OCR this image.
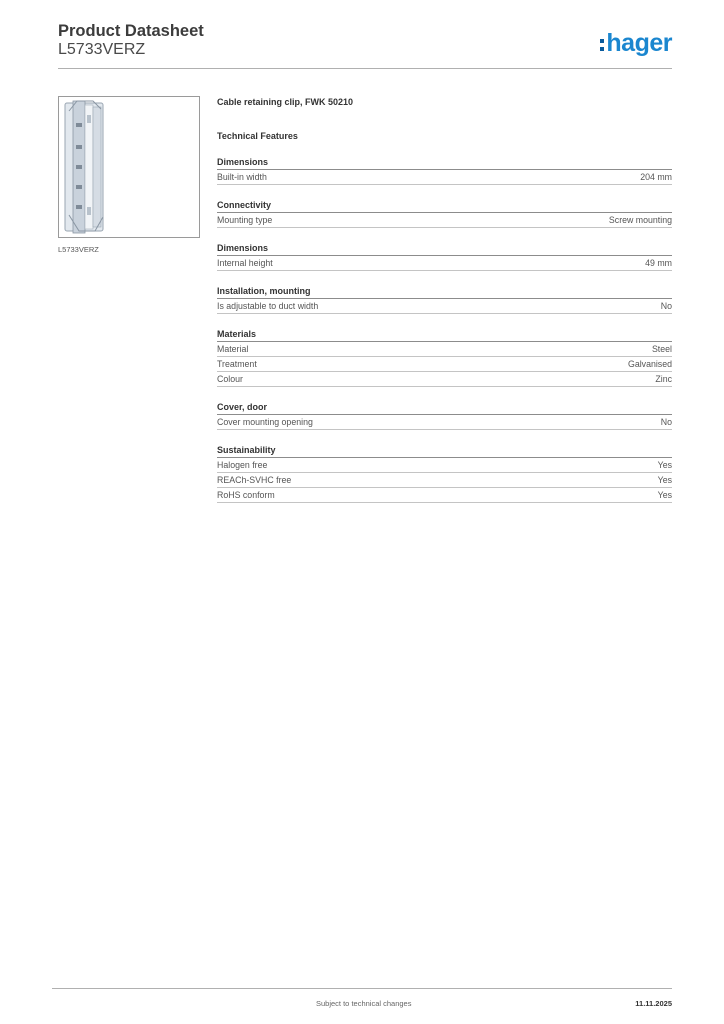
Product Datasheet
L5733VERZ	hager
L5733VERZ
Cable retaining clip, FWK 50210
Technical Features
Dimensions
Built-in width	204 mm
Connectivity
Mounting type	Screw mounting
Dimensions
Internal height	49 mm
Installation, mounting
Is adjustable to duct width	No
Materials
Material	Steel
Treatment	Galvanised
Colour	Zinc
Cover, door
Cover mounting opening	No
Sustainability
Halogen free	Yes
REACh-SVHC free	Yes
RoHS conform	Yes
Subject to technical changes	11.11.2025
